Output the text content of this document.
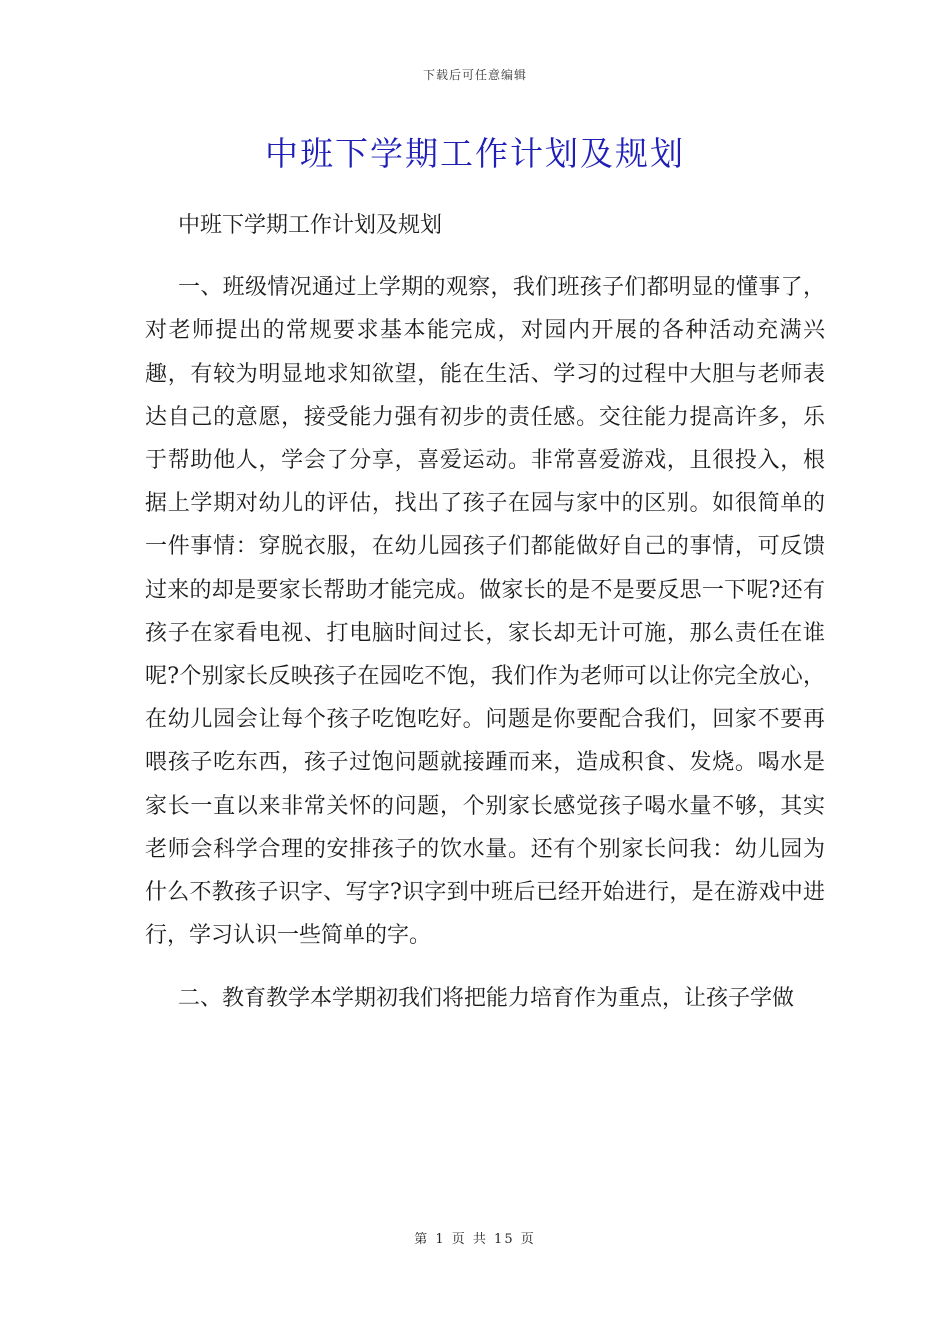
下载后可任意编辑
中班下学期工作计划及规划

中班下学期工作计划及规划

一、班级情况通过上学期的观察，我们班孩子们都明显的懂事了，对老师提出的常规要求基本能完成，对园内开展的各种活动充满兴趣，有较为明显地求知欲望，能在生活、学习的过程中大胆与老师表达自己的意愿，接受能力强有初步的责任感。交往能力提高许多，乐于帮助他人，学会了分享，喜爱运动。非常喜爱游戏，且很投入，根据上学期对幼儿的评估，找出了孩子在园与家中的区别。如很简单的一件事情：穿脱衣服，在幼儿园孩子们都能做好自己的事情，可反馈过来的却是要家长帮助才能完成。做家长的是不是要反思一下呢?还有孩子在家看电视、打电脑时间过长，家长却无计可施，那么责任在谁呢?个别家长反映孩子在园吃不饱，我们作为老师可以让你完全放心，在幼儿园会让每个孩子吃饱吃好。问题是你要配合我们，回家不要再喂孩子吃东西，孩子过饱问题就接踵而来，造成积食、发烧。喝水是家长一直以来非常关怀的问题，个别家长感觉孩子喝水量不够，其实老师会科学合理的安排孩子的饮水量。还有个别家长问我：幼儿园为什么不教孩子识字、写字?识字到中班后已经开始进行，是在游戏中进行，学习认识一些简单的字。

二、教育教学本学期初我们将把能力培育作为重点，让孩子学做

第 1 页 共 15 页
